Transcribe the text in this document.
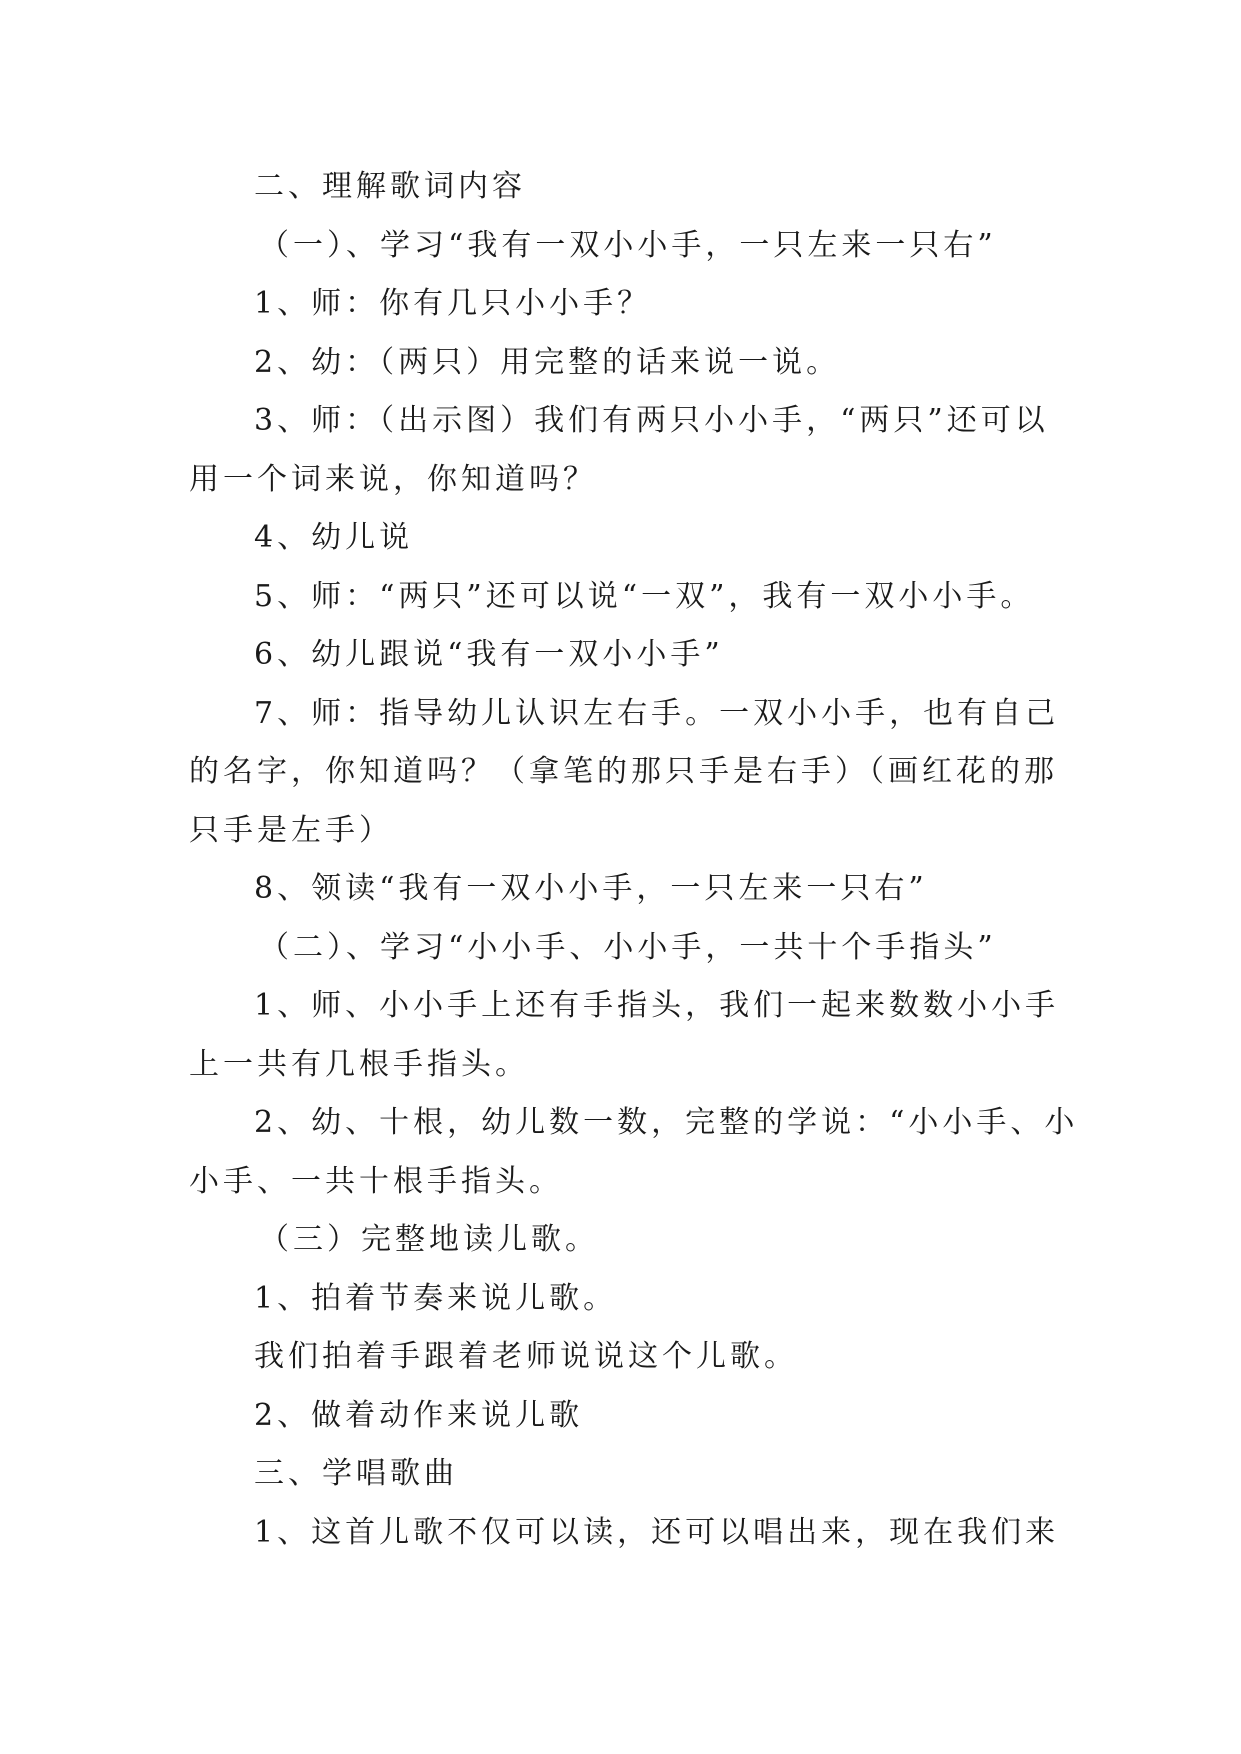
二、理解歌词内容

（一）、学习“我有一双小小手，一只左来一只右”

1、师：你有几只小小手？

2、幼：（两只）用完整的话来说一说。

3、师：（出示图）我们有两只小小手，“两只”还可以

用一个词来说，你知道吗？

4、幼儿说

5、师：“两只”还可以说“一双”，我有一双小小手。

6、幼儿跟说“我有一双小小手”

7、师：指导幼儿认识左右手。一双小小手，也有自己

的名字，你知道吗？（拿笔的那只手是右手）（画红花的那

只手是左手）

8、领读“我有一双小小手，一只左来一只右”

（二）、学习“小小手、小小手，一共十个手指头”

1、师、小小手上还有手指头，我们一起来数数小小手

上一共有几根手指头。

2、幼、十根，幼儿数一数，完整的学说：“小小手、小

小手、一共十根手指头。

（三）完整地读儿歌。

1、拍着节奏来说儿歌。

我们拍着手跟着老师说说这个儿歌。

2、做着动作来说儿歌

三、学唱歌曲

1、这首儿歌不仅可以读，还可以唱出来，现在我们来
